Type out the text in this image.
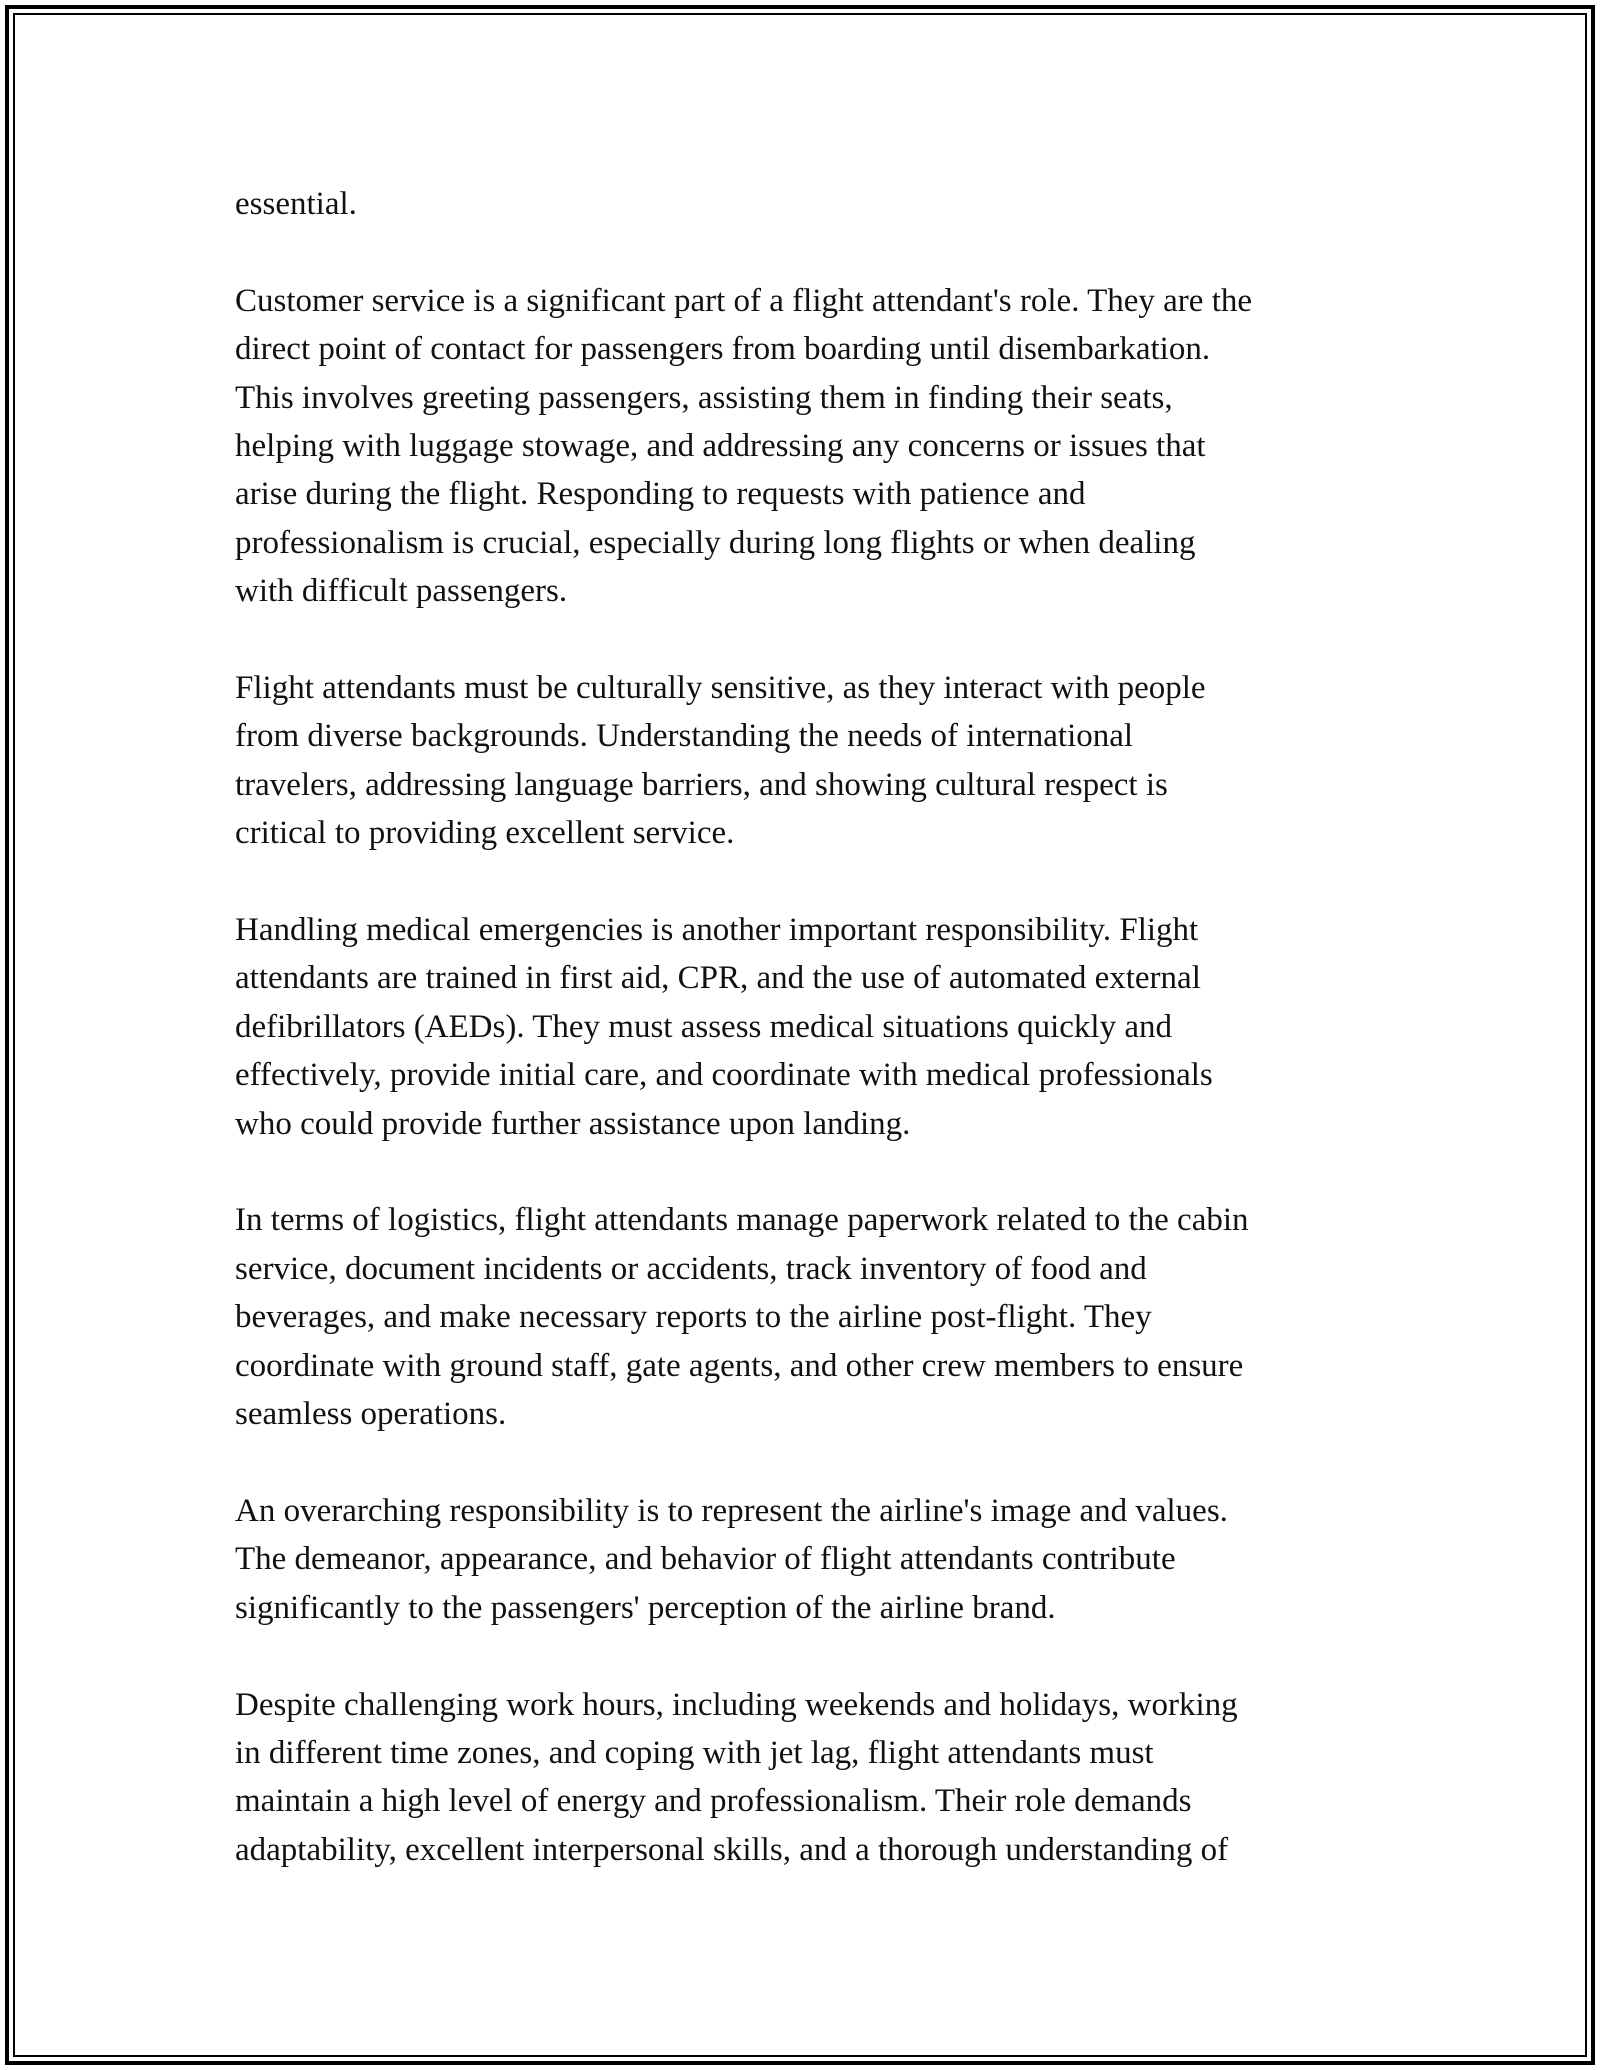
essential.

Customer service is a significant part of a flight attendant's role. They are the
direct point of contact for passengers from boarding until disembarkation.
This involves greeting passengers, assisting them in finding their seats,
helping with luggage stowage, and addressing any concerns or issues that
arise during the flight. Responding to requests with patience and
professionalism is crucial, especially during long flights or when dealing
with difficult passengers.

Flight attendants must be culturally sensitive, as they interact with people
from diverse backgrounds. Understanding the needs of international
travelers, addressing language barriers, and showing cultural respect is
critical to providing excellent service.

Handling medical emergencies is another important responsibility. Flight
attendants are trained in first aid, CPR, and the use of automated external
defibrillators (AEDs). They must assess medical situations quickly and
effectively, provide initial care, and coordinate with medical professionals
who could provide further assistance upon landing.

In terms of logistics, flight attendants manage paperwork related to the cabin
service, document incidents or accidents, track inventory of food and
beverages, and make necessary reports to the airline post-flight. They
coordinate with ground staff, gate agents, and other crew members to ensure
seamless operations.

An overarching responsibility is to represent the airline's image and values.
The demeanor, appearance, and behavior of flight attendants contribute
significantly to the passengers' perception of the airline brand.

Despite challenging work hours, including weekends and holidays, working
in different time zones, and coping with jet lag, flight attendants must
maintain a high level of energy and professionalism. Their role demands
adaptability, excellent interpersonal skills, and a thorough understanding of
